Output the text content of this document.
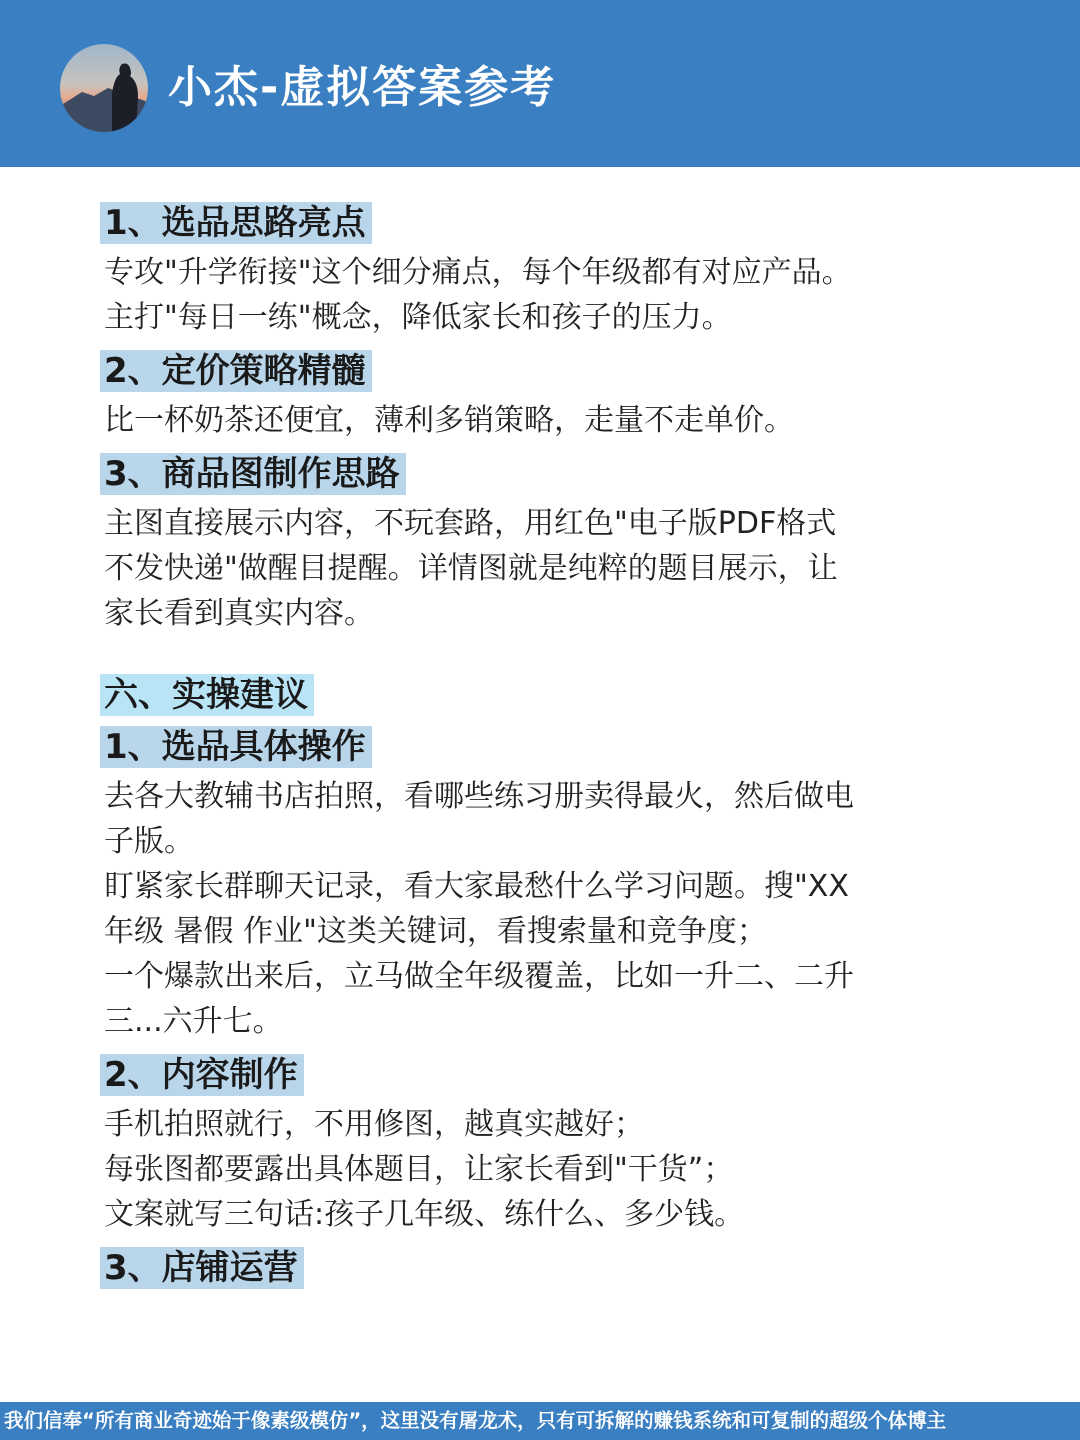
小杰-虚拟答案参考
1、选品思路亮点
专攻"升学衔接"这个细分痛点，每个年级都有对应产品。
主打"每日一练"概念，降低家长和孩子的压力。
2、定价策略精髓
比一杯奶茶还便宜，薄利多销策略，走量不走单价。
3、商品图制作思路
主图直接展示内容，不玩套路，用红色"电子版PDF格式
不发快递"做醒目提醒。详情图就是纯粹的题目展示，让
家长看到真实内容。
六、实操建议
1、选品具体操作
去各大教辅书店拍照，看哪些练习册卖得最火，然后做电
子版。
盯紧家长群聊天记录，看大家最愁什么学习问题。搜"XX
年级 暑假 作业"这类关键词，看搜索量和竞争度；
一个爆款出来后，立马做全年级覆盖，比如一升二、二升
三...六升七。
2、内容制作
手机拍照就行，不用修图，越真实越好；
每张图都要露出具体题目，让家长看到"干货”；
文案就写三句话:孩子几年级、练什么、多少钱。
3、店铺运营
我们信奉“所有商业奇迹始于像素级模仿”，这里没有屠龙术，只有可拆解的赚钱系统和可复制的超级个体博主
